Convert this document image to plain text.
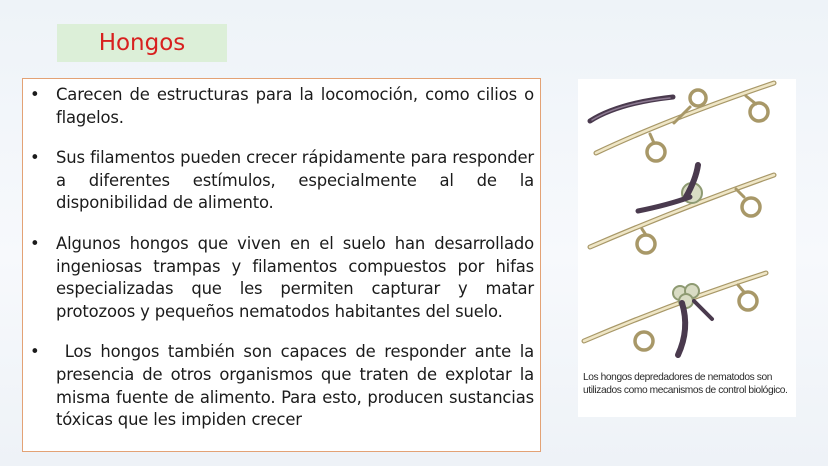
Hongos
• Carecen de estructuras para la locomoción, como cilios o flagelos.
• Sus filamentos pueden crecer rápidamente para responder a diferentes estímulos, especialmente al de la disponibilidad de alimento.
• Algunos hongos que viven en el suelo han desarrollado ingeniosas trampas y filamentos compuestos por hifas especializadas que les permiten capturar y matar protozoos y pequeños nematodos habitantes del suelo.
• Los hongos también son capaces de responder ante la presencia de otros organismos que traten de explotar la misma fuente de alimento. Para esto, producen sustancias tóxicas que les impiden crecer
Los hongos depredadores de nematodos son utilizados como mecanismos de control biológico.
